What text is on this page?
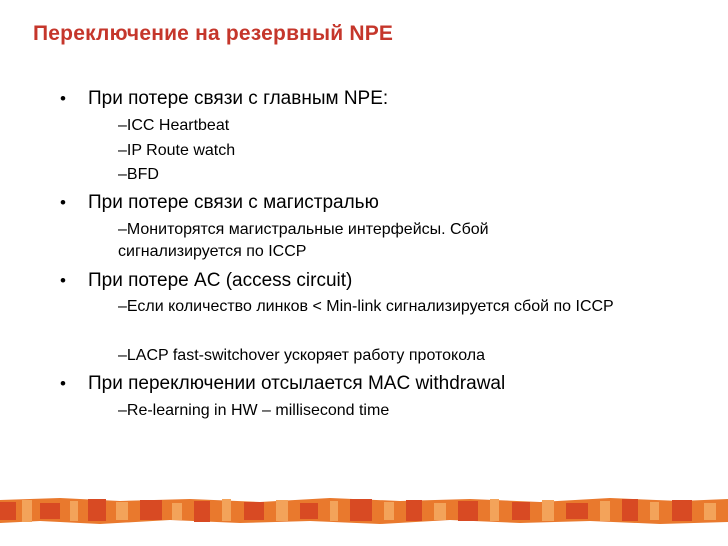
Переключение на резервный NPE
• При потере связи с главным NPE:
–ICC Heartbeat
–IP Route watch
–BFD
• При потере связи с магистралью
–Мониторятся магистральные интерфейсы. Сбой сигнализируется по ICCP
• При потере AC (access circuit)
–Если количество линков < Min-link сигнализируется сбой по ICCP
–LACP fast-switchover ускоряет работу протокола
• При переключении отсылается MAC withdrawal
–Re-learning in HW – millisecond time
